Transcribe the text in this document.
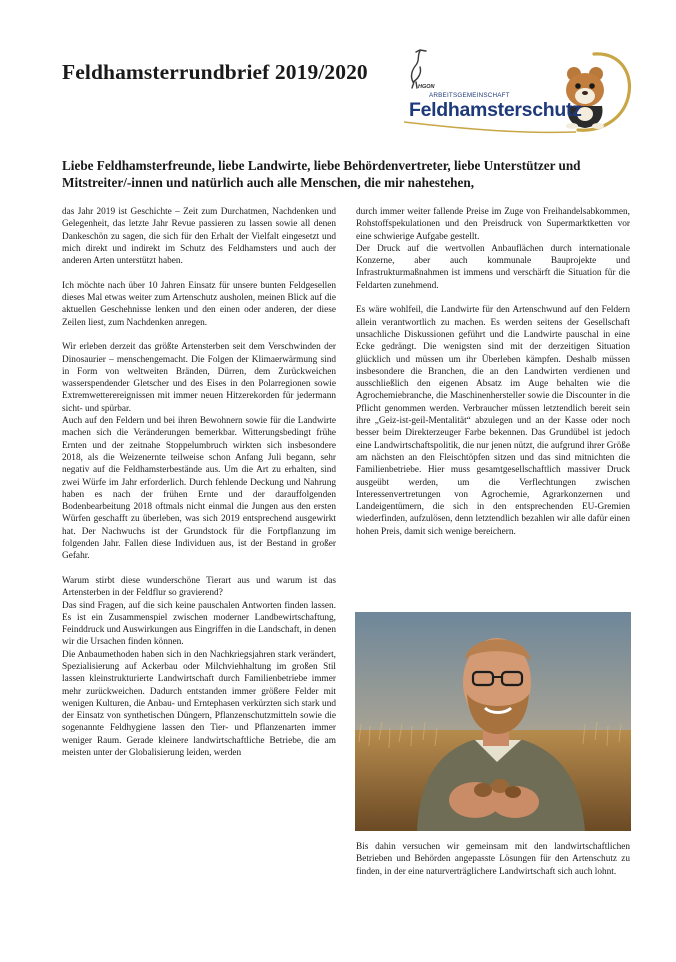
Feldhamsterrundbrief 2019/2020
HGON
ARBEITSGEMEINSCHAFT
Feldhamsterschutz
Liebe Feldhamsterfreunde, liebe Landwirte, liebe Behördenvertreter, liebe Unterstützer und Mitstreiter/-innen und natürlich auch alle Menschen, die mir nahestehen,

das Jahr 2019 ist Geschichte – Zeit zum Durchatmen, Nachdenken und Gelegenheit, das letzte Jahr Revue passieren zu lassen sowie all denen Dankeschön zu sagen, die sich für den Erhalt der Vielfalt eingesetzt und mich direkt und indirekt im Schutz des Feldhamsters und auch der anderen Arten unterstützt haben.

Ich möchte nach über 10 Jahren Einsatz für unsere bunten Feldgesellen dieses Mal etwas weiter zum Artenschutz ausholen, meinen Blick auf die aktuellen Geschehnisse lenken und den einen oder anderen, der diese Zeilen liest, zum Nachdenken anregen.

Wir erleben derzeit das größte Artensterben seit dem Verschwinden der Dinosaurier – menschengemacht. Die Folgen der Klimaerwärmung sind in Form von weltweiten Bränden, Dürren, dem Zurückweichen wasserspendender Gletscher und des Eises in den Polarregionen sowie Extremwetterereignissen mit immer neuen Hitzerekorden für jedermann sicht- und spürbar.

Auch auf den Feldern und bei ihren Bewohnern sowie für die Landwirte machen sich die Veränderungen bemerkbar. Witterungsbedingt frühe Ernten und der zeitnahe Stoppelumbruch wirkten sich insbesondere 2018, als die Weizenernte teilweise schon Anfang Juli begann, sehr negativ auf die Feldhamsterbestände aus. Um die Art zu erhalten, sind zwei Würfe im Jahr erforderlich. Durch fehlende Deckung und Nahrung haben es nach der frühen Ernte und der darauffolgenden Bodenbearbeitung 2018 oftmals nicht einmal die Jungen aus den ersten Würfen geschafft zu überleben, was sich 2019 entsprechend ausgewirkt hat. Der Nachwuchs ist der Grundstock für die Fortpflanzung im folgenden Jahr. Fallen diese Individuen aus, ist der Bestand in großer Gefahr.

Warum stirbt diese wunderschöne Tierart aus und warum ist das Artensterben in der Feldflur so gravierend?

Das sind Fragen, auf die sich keine pauschalen Antworten finden lassen. Es ist ein Zusammenspiel zwischen moderner Landbewirtschaftung, Feinddruck und Auswirkungen aus Eingriffen in die Landschaft, in denen wir die Ursachen finden können.

Die Anbaumethoden haben sich in den Nachkriegsjahren stark verändert, Spezialisierung auf Ackerbau oder Milchviehhaltung im großen Stil lassen kleinstrukturierte Landwirtschaft durch Familienbetriebe immer mehr zurückweichen. Dadurch entstanden immer größere Felder mit wenigen Kulturen, die Anbau- und Erntephasen verkürzten sich stark und der Einsatz von synthetischen Düngern, Pflanzenschutzmitteln sowie die sogenannte Feldhygiene lassen den Tier- und Pflanzenarten immer weniger Raum. Gerade kleinere landwirtschaftliche Betriebe, die am meisten unter der Globalisierung leiden, werden

durch immer weiter fallende Preise im Zuge von Freihandelsabkommen, Rohstoffspekulationen und den Preisdruck von Supermarktketten vor eine schwierige Aufgabe gestellt.

Der Druck auf die wertvollen Anbauflächen durch internationale Konzerne, aber auch kommunale Bauprojekte und Infrastrukturmaßnahmen ist immens und verschärft die Situation für die Feldarten zunehmend.

Es wäre wohlfeil, die Landwirte für den Artenschwund auf den Feldern allein verantwortlich zu machen. Es werden seitens der Gesellschaft unsachliche Diskussionen geführt und die Landwirte pauschal in eine Ecke gedrängt. Die wenigsten sind mit der derzeitigen Situation glücklich und müssen um ihr Überleben kämpfen. Deshalb müssen insbesondere die Branchen, die an den Landwirten verdienen und ausschließlich den eigenen Absatz im Auge behalten wie die Agrochemiebranche, die Maschinenhersteller sowie die Discounter in die Pflicht genommen werden. Verbraucher müssen letztendlich bereit sein ihre „Geiz-ist-geil-Mentalität“ abzulegen und an der Kasse oder noch besser beim Direkterzeuger Farbe bekennen. Das Grundübel ist jedoch eine Landwirtschaftspolitik, die nur jenen nützt, die aufgrund ihrer Größe am nächsten an den Fleischtöpfen sitzen und das sind mitnichten die Familienbetriebe. Hier muss gesamtgesellschaftlich massiver Druck ausgeübt werden, um die Verflechtungen zwischen Interessenvertretungen von Agrochemie, Agrarkonzernen und Landeigentümern, die sich in den entsprechenden EU-Gremien wiederfinden, aufzulösen, denn letztendlich bezahlen wir alle dafür einen hohen Preis, damit sich wenige bereichern.

Bis dahin versuchen wir gemeinsam mit den landwirtschaftlichen Betrieben und Behörden angepasste Lösungen für den Artenschutz zu finden, in der eine naturverträglichere Landwirtschaft sich auch lohnt.
